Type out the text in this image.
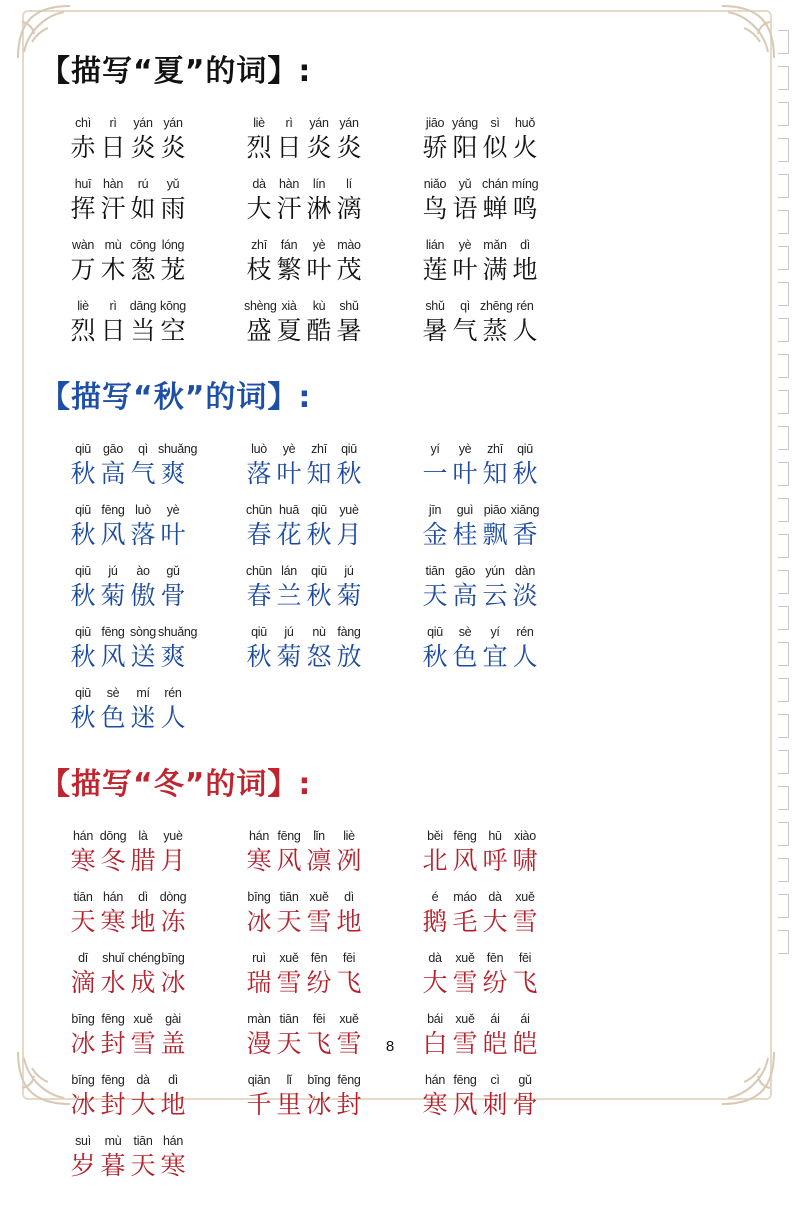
【描写“夏”的词】:
chì	rì	yán yán
赤 日 炎 炎
liè	rì	yán yán
烈 日 炎 炎
jiāo yáng sì	huǒ
骄 阳 似 火
huī hàn	rú	yǔ
挥 汗 如 雨
dà	hàn	lín	lí
大 汗 淋 漓
niǎo yǔ chán míng
鸟 语 蝉 鸣
wàn mù cōng lóng
万 木 葱 茏
zhī	fán	yè mào
枝 繁 叶 茂
lián	yè mǎn	dì
莲 叶 满 地
liè	rì	dāng kōng
烈 日 当 空
shèng xià	kù	shǔ
盛 夏 酷 暑
shǔ	qì zhēng rén
暑 气 蒸 人
【描写“秋”的词】:
qiū gāo	qì shuǎng
秋 高 气 爽
luò	yè	zhī	qiū
落 叶 知 秋
yí	yè	zhī	qiū
一 叶 知 秋
qiū fēng luò	yè
秋 风 落 叶
chūn huā qiū yuè
春 花 秋 月
jīn	guì piāo xiāng
金 桂 飘 香
qiū	jú	ào	gǔ
秋 菊 傲 骨
chūn lán	qiū	jú
春 兰 秋 菊
tiān gāo yún dàn
天 高 云 淡
qiū fēng sòng shuǎng
秋 风 送 爽
qiū	jú	nù fàng
秋 菊 怒 放
qiū	sè	yí	rén
秋 色 宜 人
qiū	sè	mí	rén
秋 色 迷 人
【描写“冬”的词】:
hán dōng là	yuè
寒 冬 腊 月
hán fēng	lǐn	liè
寒 风 凛 冽
běi fēng hū xiào
北 风 呼 啸
tiān hán	dì dòng
天 寒 地 冻
bīng tiān xuě	dì
冰 天 雪 地
é	máo dà	xuě
鹅 毛 大 雪
dī	shuǐ chéng bīng
滴 水 成 冰
ruì	xuě fēn	fēi
瑞 雪 纷 飞
dà	xuě fēn	fēi
大 雪 纷 飞
bīng fēng xuě gài
冰 封 雪 盖
màn tiān	fēi	xuě
漫 天 飞 雪
bái xuě	ái	ái
白 雪 皑 皑
bīng fēng dà	dì
冰 封 大 地
qiān	lǐ	bīng fēng
千 里 冰 封
hán fēng	cì	gǔ
寒 风 刺 骨
suì	mù tiān hán
岁 暮 天 寒
8
